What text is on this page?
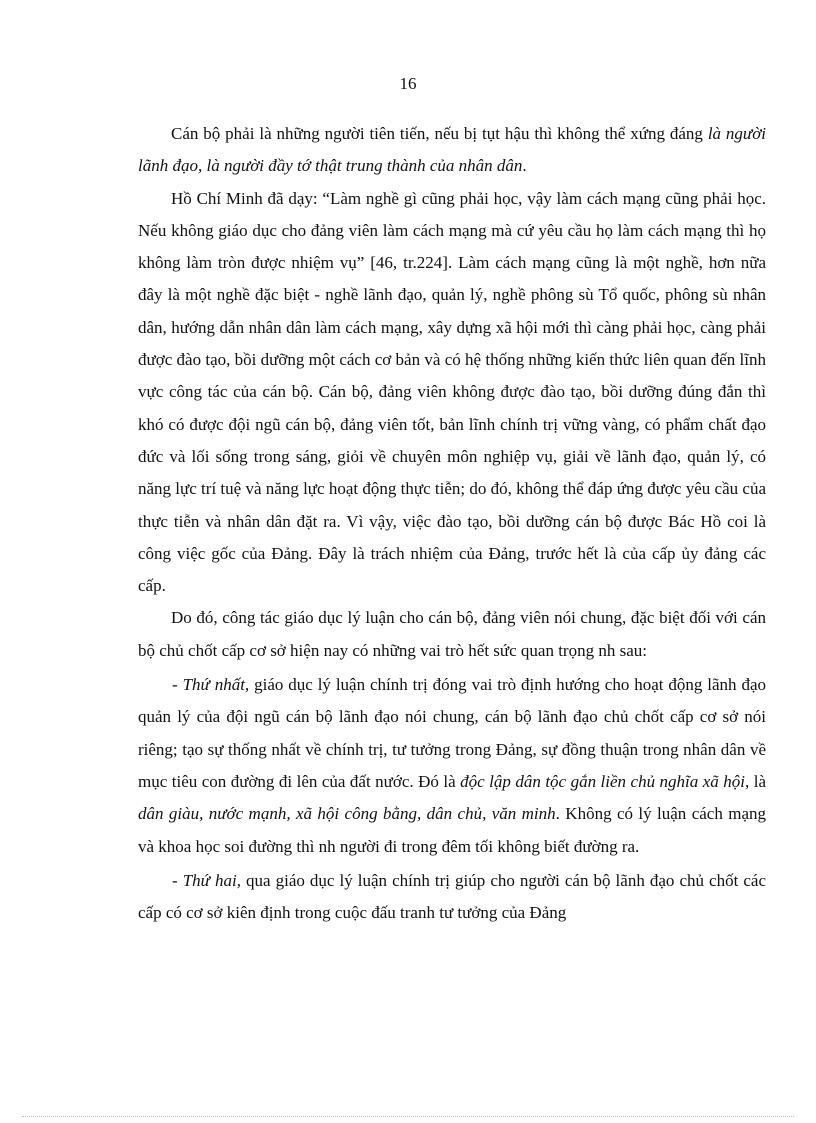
16

Cán bộ phải là những người tiên tiến, nếu bị tụt hậu thì không thể xứng đáng là người lãnh đạo, là người đầy tớ thật trung thành của nhân dân.

Hồ Chí Minh đã dạy: “Làm nghề gì cũng phải học, vậy làm cách mạng cũng phải học. Nếu không giáo dục cho đảng viên làm cách mạng mà cứ yêu cầu họ làm cách mạng thì họ không làm tròn được nhiệm vụ” [46, tr.224]. Làm cách mạng cũng là một nghề, hơn nữa đây là một nghề đặc biệt - nghề lãnh đạo, quản lý, nghề phông sù Tổ quốc, phông sù nhân dân, hướng dẫn nhân dân làm cách mạng, xây dựng xã hội mới thì càng phải học, càng phải được đào tạo, bồi dưỡng một cách cơ bản và có hệ thống những kiến thức liên quan đến lĩnh vực công tác của cán bộ. Cán bộ, đảng viên không được đào tạo, bồi dưỡng đúng đắn thì khó có được đội ngũ cán bộ, đảng viên tốt, bản lĩnh chính trị vững vàng, có phẩm chất đạo đức và lối sống trong sáng, giỏi về chuyên môn nghiệp vụ, giải về lãnh đạo, quản lý, có năng lực trí tuệ và năng lực hoạt động thực tiễn; do đó, không thể đáp ứng được yêu cầu của thực tiễn và nhân dân đặt ra. Vì vậy, việc đào tạo, bồi dưỡng cán bộ được Bác Hồ coi là công việc gốc của Đảng. Đây là trách nhiệm của Đảng, trước hết là của cấp ủy đảng các cấp.

Do đó, công tác giáo dục lý luận cho cán bộ, đảng viên nói chung, đặc biệt đối với cán bộ chủ chốt cấp cơ sở hiện nay có những vai trò hết sức quan trọng nh sau:

- Thứ nhất, giáo dục lý luận chính trị đóng vai trò định hướng cho hoạt động lãnh đạo quản lý của đội ngũ cán bộ lãnh đạo nói chung, cán bộ lãnh đạo chủ chốt cấp cơ sở nói riêng; tạo sự thống nhất về chính trị, tư tưởng trong Đảng, sự đồng thuận trong nhân dân về mục tiêu con đường đi lên của đất nước. Đó là độc lập dân tộc gắn liền chủ nghĩa xã hội, là dân giàu, nước mạnh, xã hội công bằng, dân chủ, văn minh. Không có lý luận cách mạng và khoa học soi đường thì nh người đi trong đêm tối không biết đường ra.

- Thứ hai, qua giáo dục lý luận chính trị giúp cho người cán bộ lãnh đạo chủ chốt các cấp có cơ sở kiên định trong cuộc đấu tranh tư tưởng của Đảng
